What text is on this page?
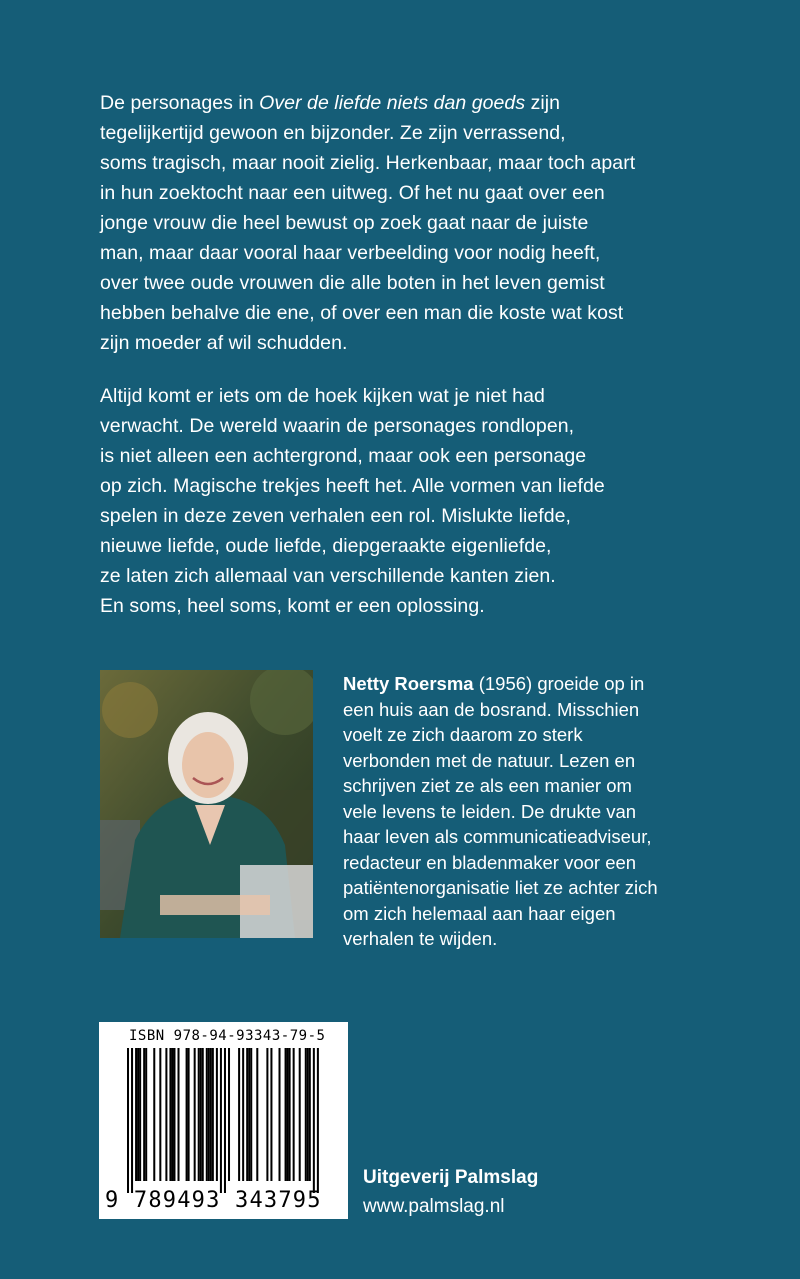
De personages in Over de liefde niets dan goeds zijn
tegelijkertijd gewoon en bijzonder. Ze zijn verrassend,
soms tragisch, maar nooit zielig. Herkenbaar, maar toch apart
in hun zoektocht naar een uitweg. Of het nu gaat over een
jonge vrouw die heel bewust op zoek gaat naar de juiste
man, maar daar vooral haar verbeelding voor nodig heeft,
over twee oude vrouwen die alle boten in het leven gemist
hebben behalve die ene, of over een man die koste wat kost
zijn moeder af wil schudden.
Altijd komt er iets om de hoek kijken wat je niet had
verwacht. De wereld waarin de personages rondlopen,
is niet alleen een achtergrond, maar ook een personage
op zich. Magische trekjes heeft het. Alle vormen van liefde
spelen in deze zeven verhalen een rol. Mislukte liefde,
nieuwe liefde, oude liefde, diepgeraakte eigenliefde,
ze laten zich allemaal van verschillende kanten zien.
En soms, heel soms, komt er een oplossing.
Netty Roersma (1956) groeide op in
een huis aan de bosrand. Misschien
voelt ze zich daarom zo sterk
verbonden met de natuur. Lezen en
schrijven ziet ze als een manier om
vele levens te leiden. De drukte van
haar leven als communicatieadviseur,
redacteur en bladenmaker voor een
patiëntenorganisatie liet ze achter zich
om zich helemaal aan haar eigen
verhalen te wijden.
ISBN 978-94-93343-79-5
9 789493 343795
Uitgeverij Palmslag
www.palmslag.nl
